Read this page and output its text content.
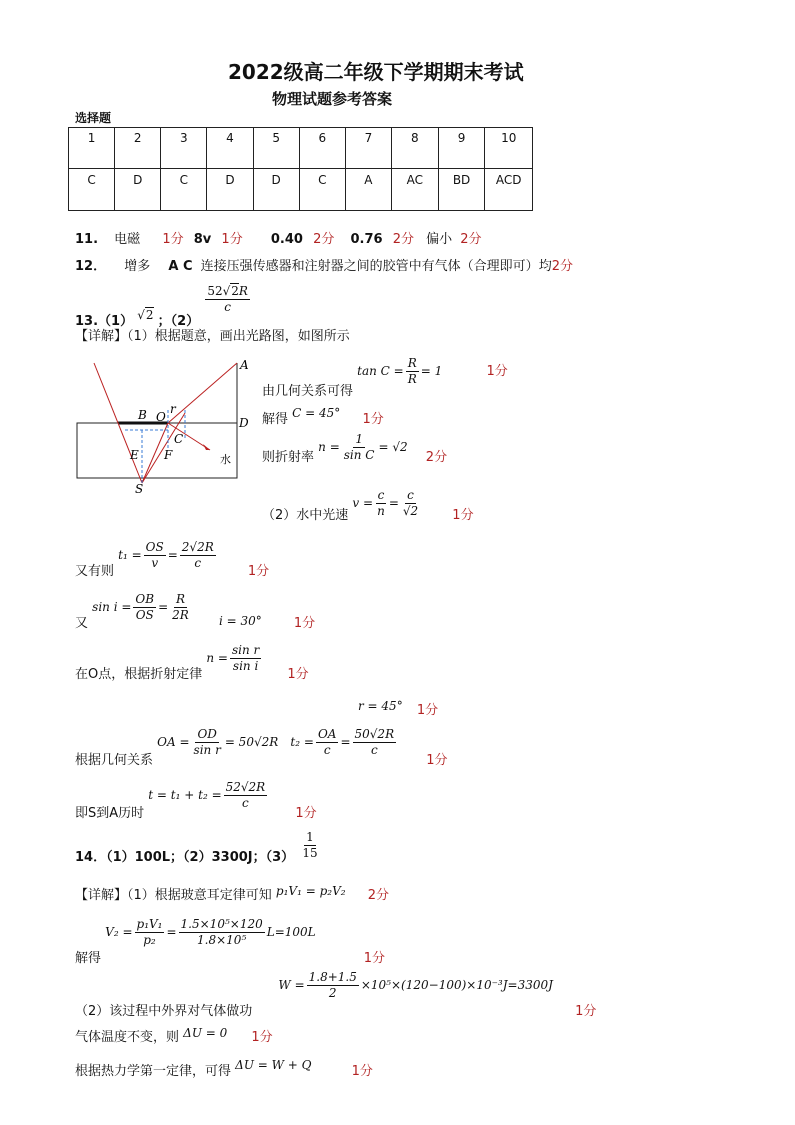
2022级高二年级下学期期末考试
物理试题参考答案
选择题
1	2	3	4	5	6	7	8	9	10
C	D	C	D	D	C	A	AC	BD	ACD
11. 电磁 1分 8v 1分 0.40 2分 0.76 2分 偏小 2分
12． 增多 A C 连接压强传感器和注射器之间的胶管中有气体（合理即可）均2分
13.（1） √2 ；（2）
$\frac{52√2R}{c}$
【详解】（1）根据题意，画出光路图，如图所示
A
B O
r
D
C
E F	水
S
由几何关系可得 $\tan C = \frac{R}{R} = 1$	1分
解得 C = 45° 1分
则折射率 $n = \frac{1}{\text{sin C}} = √2$ 2分
（2）水中光速 $v = \frac{c}{n} = \frac{c}{√2} 1$分
又有则 $t_1 = \frac{OS}{v} = \frac{2√2R}{c}$
1分
又 $\sin i = \frac{OB}{OS} = \frac{R}{2R}$ i = 30° 1分
在O点，根据折射定律 $n = \frac{\text{sin r}}{\text{sin i}}$
1分
r = 45° 1分
根据几何关系 OA = $\frac{OD}{\text{sin r}} = 50√2R$ $t_2 = \frac{OA}{c} = \frac{50√2R}{c}$
1分
即S到A历时 $t = t_1 + t_2 = \frac{52√2R}{c}$
1分
14．（1）100L；（2）3300J；$(3) \frac{1}{15}$
【详解】（1）根据玻意耳定律可知 p₁V₁ = p₂V₂ 2分
解得 $V_2 = \frac{\text{p₁V₁}}{\text{p₂}} = \frac{\text{1.5×10⁵×120}}{\text{1.8×10⁵}} L=100L$ 1分
（2）该过程中外界对气体做功 $W = \frac{1.8+1.5}{2} \times 10^5\times(120-100)\times 10^{-3}J=3300J$ 1分
气体温度不变，则 ΔU = 0 1分
根据热力学第一定律，可得 ΔU = W + Q	1分
